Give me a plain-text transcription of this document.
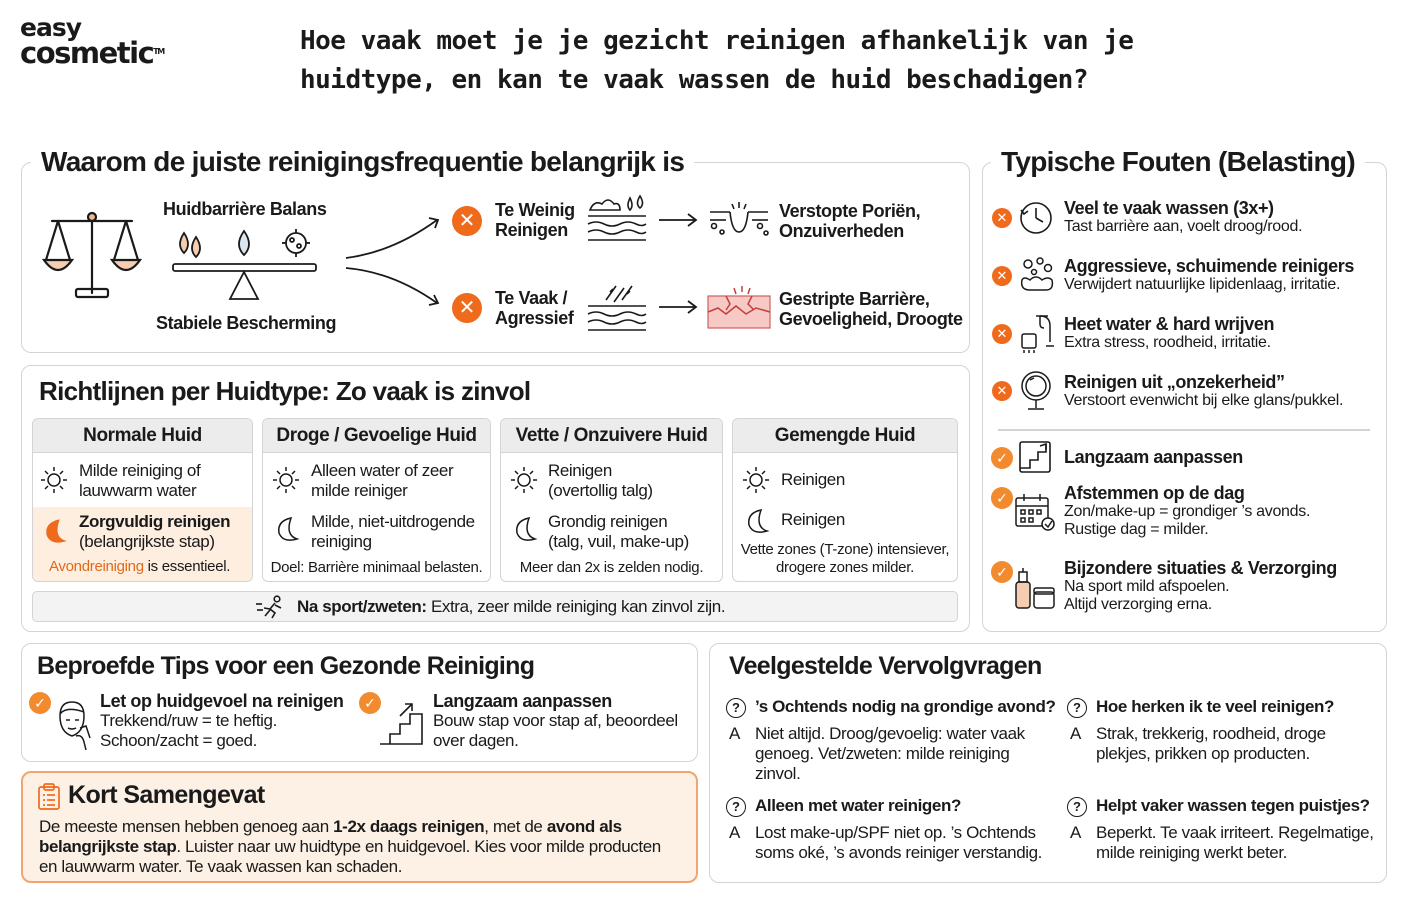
easy
cosmetic™	Hoe vaak moet je je gezicht reinigen afhankelijk van je
huidtype, en kan te vaak wassen de huid beschadigen?
Waarom de juiste reinigingsfrequentie belangrijk is
Huidbarrière Balans
Stabiele Bescherming
✕	Te Weinig
Reinigen
Verstopte Poriën,
Onzuiverheden
✕	Te Vaak /
Agressief
Gestripte Barrière,
Gevoeligheid, Droogte
Typische Fouten (Belasting)
✕	Veel te vaak wassen (3x+)
Tast barrière aan, voelt droog/rood.
✕	Aggressieve, schuimende reinigers
Verwijdert natuurlijke lipidenlaag, irritatie.
✕	Heet water & hard wrijven
Extra stress, roodheid, irritatie.
✕	Reinigen uit „onzekerheid”
Verstoort evenwicht bij elke glans/pukkel.
✓	Langzaam aanpassen
✓	Afstemmen op de dag
Zon/make-up = grondiger ’s avonds.
Rustige dag = milder.
✓	Bijzondere situaties & Verzorging
Na sport mild afspoelen.
Altijd verzorging erna.
Richtlijnen per Huidtype: Zo vaak is zinvol
Normale Huid
Milde reiniging of
lauwwarm water
Zorgvuldig reinigen
(belangrijkste stap)
Avondreiniging is essentieel.
Droge / Gevoelige Huid
Alleen water of zeer
milde reiniger
Milde, niet-uitdrogende
reiniging
Doel: Barrière minimaal belasten.
Vette / Onzuivere Huid
Reinigen
(overtollig talg)
Grondig reinigen
(talg, vuil, make-up)
Meer dan 2x is zelden nodig.
Gemengde Huid
Reinigen
Reinigen
Vette zones (T-zone) intensiever,
drogere zones milder.
Na sport/zweten: Extra, zeer milde reiniging kan zinvol zijn.
Beproefde Tips voor een Gezonde Reiniging
✓	Let op huidgevoel na reinigen
Trekkend/ruw = te heftig.
Schoon/zacht = goed.
✓	Langzaam aanpassen
Bouw stap voor stap af, beoordeel
over dagen.
Kort Samengevat
De meeste mensen hebben genoeg aan 1-2x daags reinigen, met de avond als
belangrijkste stap. Luister naar uw huidtype en huidgevoel. Kies voor milde producten
en lauwwarm water. Te vaak wassen kan schaden.
Veelgestelde Vervolgvragen
? ’s Ochtends nodig na grondige avond?
A Niet altijd. Droog/gevoelig: water vaak
genoeg. Vet/zweten: milde reiniging
zinvol.
? Hoe herken ik te veel reinigen?
A Strak, trekkerig, roodheid, droge
plekjes, prikken op producten.
? Alleen met water reinigen?
A Lost make-up/SPF niet op. ’s Ochtends
soms oké, ’s avonds reiniger verstandig.
? Helpt vaker wassen tegen puistjes?
A Beperkt. Te vaak irriteert. Regelmatige,
milde reiniging werkt beter.
